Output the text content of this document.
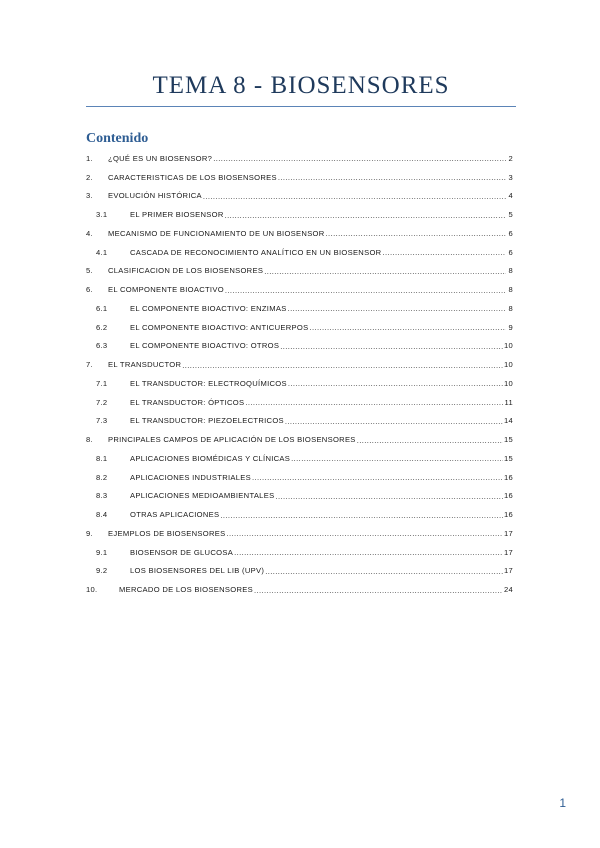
TEMA 8 - BIOSENSORES
Contenido
1.	¿QUÉ ES UN BIOSENSOR? .....	2
2.	CARACTERISTICAS DE LOS BIOSENSORES .....	3
3.	EVOLUCIÓN HISTÓRICA .....	4
3.1	EL PRIMER BIOSENSOR .....	5
4.	MECANISMO DE FUNCIONAMIENTO DE UN BIOSENSOR .....	6
4.1	CASCADA DE RECONOCIMIENTO ANALÍTICO EN UN BIOSENSOR .....	6
5.	CLASIFICACION DE LOS BIOSENSORES .....	8
6.	EL COMPONENTE BIOACTIVO .....	8
6.1	EL COMPONENTE BIOACTIVO: ENZIMAS .....	8
6.2	EL COMPONENTE BIOACTIVO: ANTICUERPOS .....	9
6.3	EL COMPONENTE BIOACTIVO: OTROS .....	10
7.	EL TRANSDUCTOR .....	10
7.1	EL TRANSDUCTOR: ELECTROQUÍMICOS .....	10
7.2	EL TRANSDUCTOR: ÓPTICOS .....	11
7.3	EL TRANSDUCTOR: PIEZOELECTRICOS .....	14
8.	PRINCIPALES CAMPOS DE APLICACIÓN DE LOS BIOSENSORES .....	15
8.1	APLICACIONES BIOMÉDICAS Y CLÍNICAS .....	15
8.2	APLICACIONES INDUSTRIALES .....	16
8.3	APLICACIONES MEDIOAMBIENTALES .....	16
8.4	OTRAS APLICACIONES .....	16
9.	EJEMPLOS DE BIOSENSORES .....	17
9.1	BIOSENSOR DE GLUCOSA .....	17
9.2	LOS BIOSENSORES DEL LIB (UPV) .....	17
10.	MERCADO DE LOS BIOSENSORES .....	24
1
